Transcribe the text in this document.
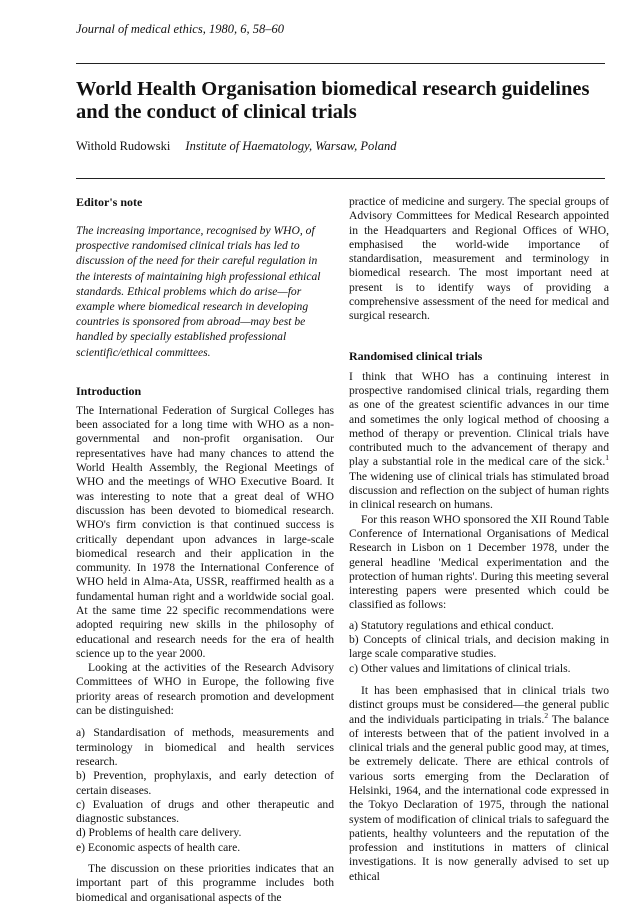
Journal of medical ethics, 1980, 6, 58–60
World Health Organisation biomedical research guidelines and the conduct of clinical trials
Withold Rudowski Institute of Haematology, Warsaw, Poland
Editor's note

The increasing importance, recognised by WHO, of prospective randomised clinical trials has led to discussion of the need for their careful regulation in the interests of maintaining high professional ethical standards. Ethical problems which do arise—for example where biomedical research in developing countries is sponsored from abroad—may best be handled by specially established professional scientific/ethical committees.

Introduction

The International Federation of Surgical Colleges has been associated for a long time with WHO as a non-governmental and non-profit organisation. Our representatives have had many chances to attend the World Health Assembly, the Regional Meetings of WHO and the meetings of WHO Executive Board. It was interesting to note that a great deal of WHO discussion has been devoted to biomedical research. WHO's firm conviction is that continued success is critically dependant upon advances in large-scale biomedical research and their application in the community. In 1978 the International Conference of WHO held in Alma-Ata, USSR, reaffirmed health as a fundamental human right and a worldwide social goal. At the same time 22 specific recommendations were adopted requiring new skills in the philosophy of educational and research needs for the era of health science up to the year 2000.

Looking at the activities of the Research Advisory Committees of WHO in Europe, the following five priority areas of research promotion and development can be distinguished:

a) Standardisation of methods, measurements and terminology in biomedical and health services research.
b) Prevention, prophylaxis, and early detection of certain diseases.
c) Evaluation of drugs and other therapeutic and diagnostic substances.
d) Problems of health care delivery.
e) Economic aspects of health care.

The discussion on these priorities indicates that an important part of this programme includes both biomedical and organisational aspects of the

practice of medicine and surgery. The special groups of Advisory Committees for Medical Research appointed in the Headquarters and Regional Offices of WHO, emphasised the world-wide importance of standardisation, measurement and terminology in biomedical research. The most important need at present is to identify ways of providing a comprehensive assessment of the need for medical and surgical research.

Randomised clinical trials

I think that WHO has a continuing interest in prospective randomised clinical trials, regarding them as one of the greatest scientific advances in our time and sometimes the only logical method of choosing a method of therapy or prevention. Clinical trials have contributed much to the advancement of therapy and play a substantial role in the medical care of the sick.$^1$ The widening use of clinical trials has stimulated broad discussion and reflection on the subject of human rights in clinical research on humans.

For this reason WHO sponsored the XII Round Table Conference of International Organisations of Medical Research in Lisbon on 1 December 1978, under the general headline 'Medical experimentation and the protection of human rights'. During this meeting several interesting papers were presented which could be classified as follows:

a) Statutory regulations and ethical conduct.
b) Concepts of clinical trials, and decision making in large scale comparative studies.
c) Other values and limitations of clinical trials.

It has been emphasised that in clinical trials two distinct groups must be considered—the general public and the individuals participating in trials.$^2$ The balance of interests between that of the patient involved in a clinical trials and the general public good may, at times, be extremely delicate. There are ethical controls of various sorts emerging from the Declaration of Helsinki, 1964, and the international code expressed in the Tokyo Declaration of 1975, through the national system of modification of clinical trials to safeguard the patients, healthy volunteers and the reputation of the profession and institutions in matters of clinical investigations. It is now generally advised to set up ethical
